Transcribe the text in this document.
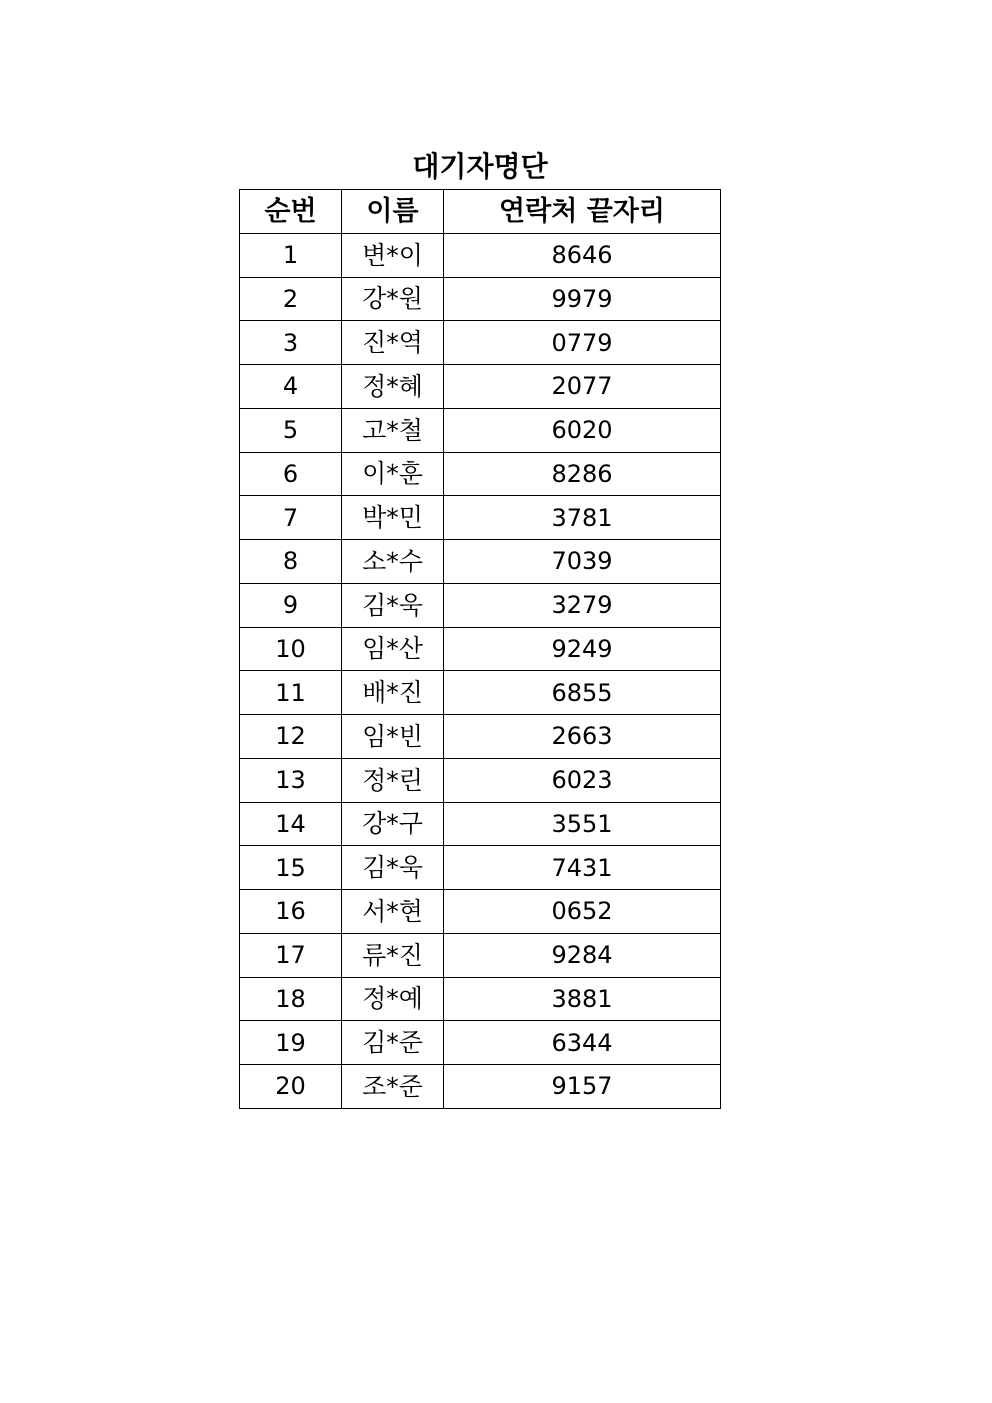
대기자명단
순번	이름	연락처 끝자리
1	변*이	8646
2	강*원	9979
3	진*역	0779
4	정*혜	2077
5	고*철	6020
6	이*훈	8286
7	박*민	3781
8	소*수	7039
9	김*욱	3279
10	임*산	9249
11	배*진	6855
12	임*빈	2663
13	정*린	6023
14	강*구	3551
15	김*욱	7431
16	서*현	0652
17	류*진	9284
18	정*예	3881
19	김*준	6344
20	조*준	9157
